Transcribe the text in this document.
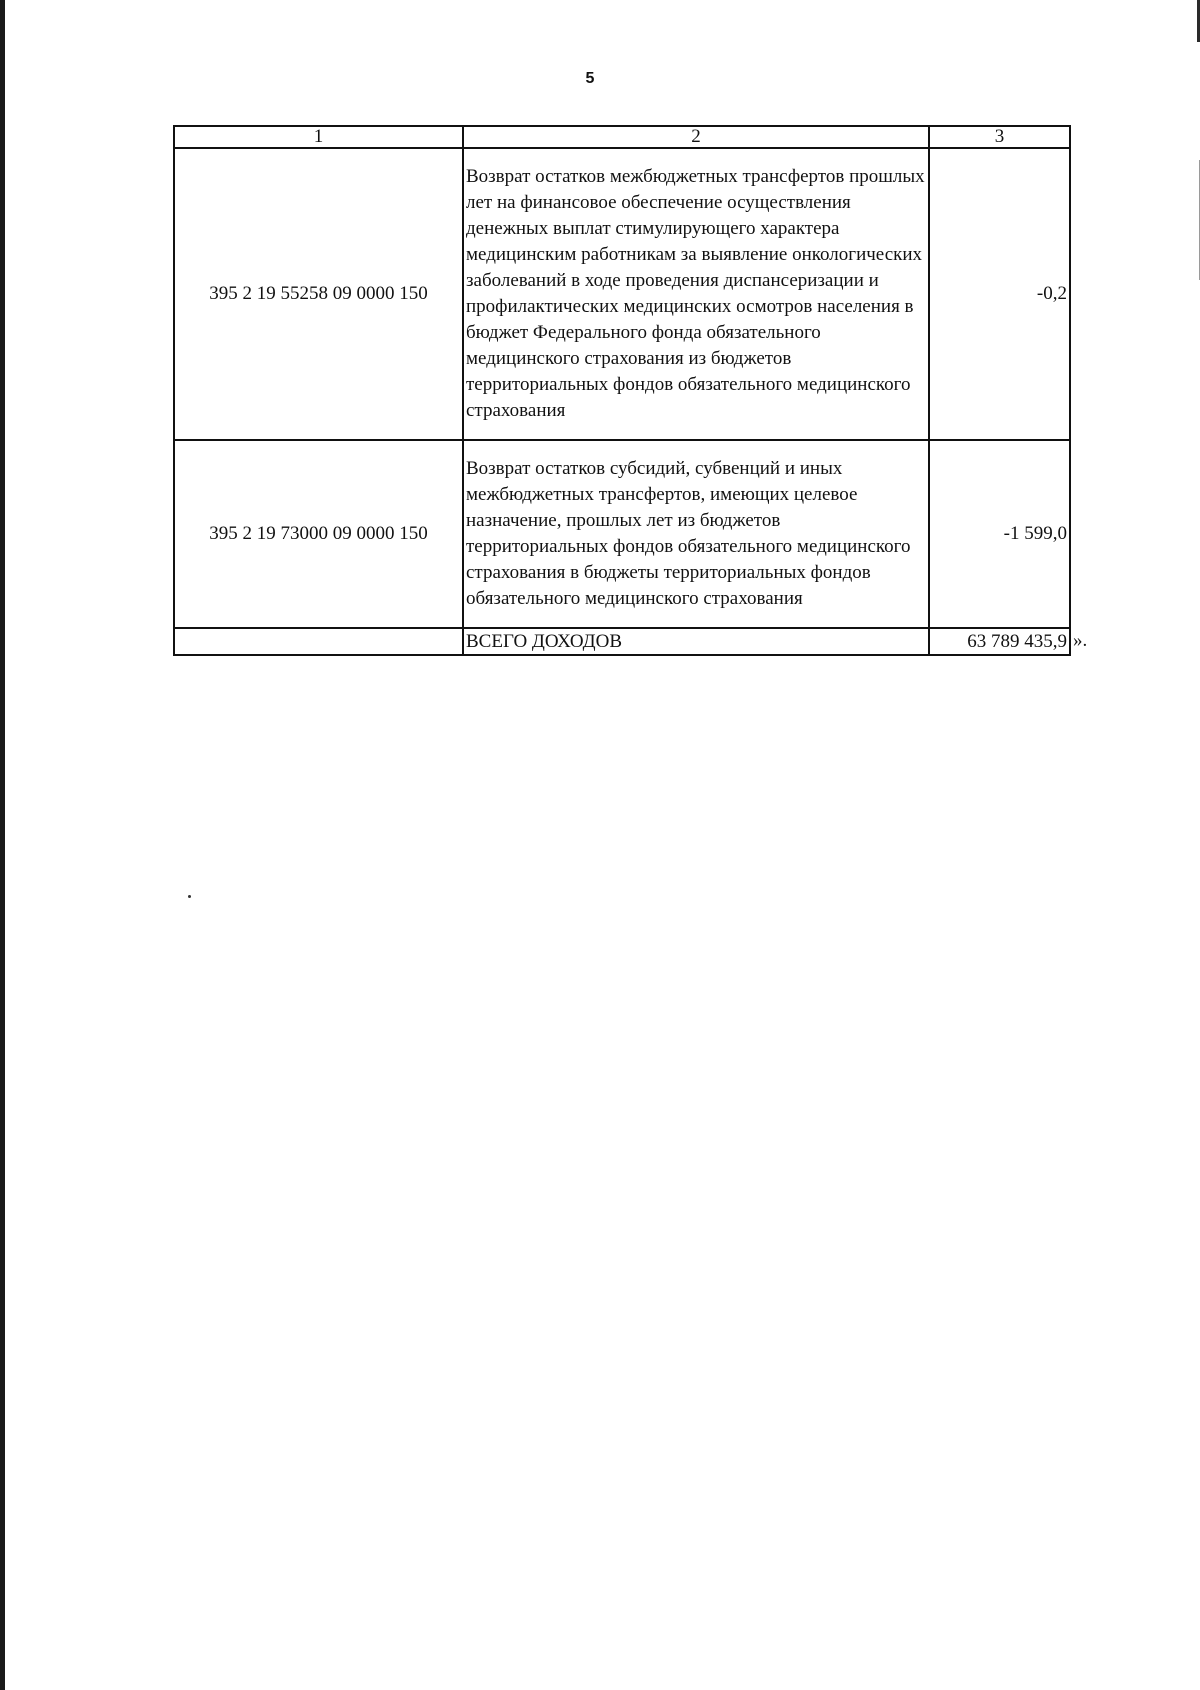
5
1	2	3
395 2 19 55258 09 0000 150	Возврат остатков межбюджетных трансфертов прошлых лет на финансовое обеспечение осуществления денежных выплат стимулирующего характера медицинским работникам за выявление онкологических заболеваний в ходе проведения диспансеризации и профилактических медицинских осмотров населения в бюджет Федерального фонда обязательного медицинского страхования из бюджетов территориальных фондов обязательного медицинского страхования	-0,2
395 2 19 73000 09 0000 150	Возврат остатков субсидий, субвенций и иных межбюджетных трансфертов, имеющих целевое назначение, прошлых лет из бюджетов территориальных фондов обязательного медицинского страхования в бюджеты территориальных фондов обязательного медицинского страхования	-1 599,0
	ВСЕГО ДОХОДОВ	63 789 435,9 ».
